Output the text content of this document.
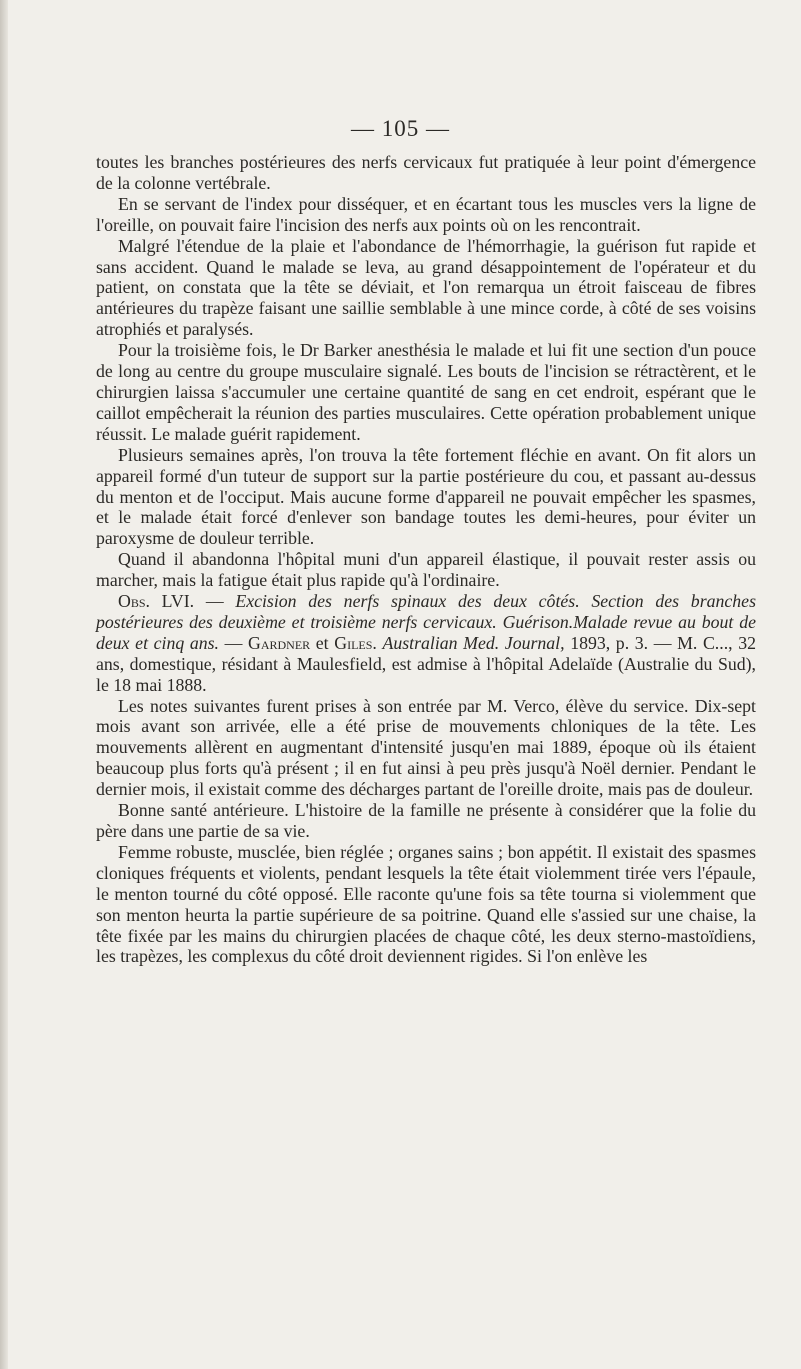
— 105 —

toutes les branches postérieures des nerfs cervicaux fut pratiquée à leur point d'émergence de la colonne vertébrale.

En se servant de l'index pour disséquer, et en écartant tous les muscles vers la ligne de l'oreille, on pouvait faire l'incision des nerfs aux points où on les rencontrait.

Malgré l'étendue de la plaie et l'abondance de l'hémorrhagie, la guérison fut rapide et sans accident. Quand le malade se leva, au grand désappointement de l'opérateur et du patient, on constata que la tête se déviait, et l'on remarqua un étroit faisceau de fibres antérieures du trapèze faisant une saillie semblable à une mince corde, à côté de ses voisins atrophiés et paralysés.

Pour la troisième fois, le Dr Barker anesthésia le malade et lui fit une section d'un pouce de long au centre du groupe musculaire signalé. Les bouts de l'incision se rétractèrent, et le chirurgien laissa s'accumuler une certaine quantité de sang en cet endroit, espérant que le caillot empêcherait la réunion des parties musculaires. Cette opération probablement unique réussit. Le malade guérit rapidement.

Plusieurs semaines après, l'on trouva la tête fortement fléchie en avant. On fit alors un appareil formé d'un tuteur de support sur la partie postérieure du cou, et passant au-dessus du menton et de l'occiput. Mais aucune forme d'appareil ne pouvait empêcher les spasmes, et le malade était forcé d'enlever son bandage toutes les demi-heures, pour éviter un paroxysme de douleur terrible.

Quand il abandonna l'hôpital muni d'un appareil élastique, il pouvait rester assis ou marcher, mais la fatigue était plus rapide qu'à l'ordinaire.

Obs. LVI. — Excision des nerfs spinaux des deux côtés. Section des branches postérieures des deuxième et troisième nerfs cervicaux. Guérison.Malade revue au bout de deux et cinq ans. — Gardner et Giles. Australian Med. Journal, 1893, p. 3. — M. C..., 32 ans, domestique, résidant à Maulesfield, est admise à l'hôpital Adelaïde (Australie du Sud), le 18 mai 1888.

Les notes suivantes furent prises à son entrée par M. Verco, élève du service. Dix-sept mois avant son arrivée, elle a été prise de mouvements chloniques de la tête. Les mouvements allèrent en augmentant d'intensité jusqu'en mai 1889, époque où ils étaient beaucoup plus forts qu'à présent ; il en fut ainsi à peu près jusqu'à Noël dernier. Pendant le dernier mois, il existait comme des décharges partant de l'oreille droite, mais pas de douleur.

Bonne santé antérieure. L'histoire de la famille ne présente à considérer que la folie du père dans une partie de sa vie.

Femme robuste, musclée, bien réglée ; organes sains ; bon appétit. Il existait des spasmes cloniques fréquents et violents, pendant lesquels la tête était violemment tirée vers l'épaule, le menton tourné du côté opposé. Elle raconte qu'une fois sa tête tourna si violemment que son menton heurta la partie supérieure de sa poitrine. Quand elle s'assied sur une chaise, la tête fixée par les mains du chirurgien placées de chaque côté, les deux sterno-mastoïdiens, les trapèzes, les complexus du côté droit deviennent rigides. Si l'on enlève les
